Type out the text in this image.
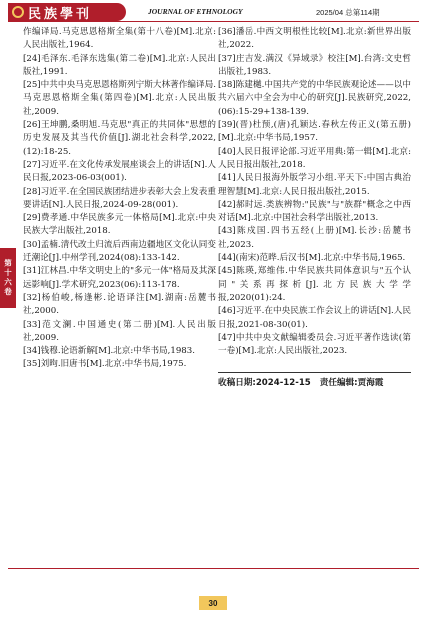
民族學刊	JOURNAL OF ETHNOLOGY	2025/04 总第114期
第十六卷

作编译局.马克思恩格斯全集(第十八卷)[M].北京:人民出版社,1964.

[24]毛泽东.毛泽东选集(第二卷)[M].北京:人民出版社,1991.

[25]中共中央马克思恩格斯列宁斯大林著作编译局.马克思恩格斯全集(第四卷)[M].北京:人民出版社,2009.

[26]王坤鹏,桑明旭.马克思"真正的共同体"思想的历史发展及其当代价值[J].湖北社会科学,2022,(12):18-25.

[27]习近平.在文化传承发展座谈会上的讲话[N].人民日报,2023-06-03(001).

[28]习近平.在全国民族团结进步表彰大会上发表重要讲话[N].人民日报,2024-09-28(001).

[29]费孝通.中华民族多元一体格局[M].北京:中央民族大学出版社,2018.

[30]孟楠.清代改土归流后西南边疆地区文化认同变迁潮论[J].中州学刊,2024(08):133-142.

[31]江林昌.中华文明史上的"多元一体"格局及其深远影响[J].学术研究,2023(06):113-178.

[32]杨伯峻,杨逢彬.论语译注[M].湖南:岳麓书社,2000.

[33]范文澜.中国通史(第二册)[M].人民出版社,2009.

[34]钱穆.论语新解[M].北京:中华书局,1983.

[35]刘昫.旧唐书[M].北京:中华书局,1975.

[36]潘岳.中西文明根性比较[M].北京:新世界出版社,2022.

[37]庄吉发.满汉《异域录》校注[M].台湾:文史哲出版社,1983.

[38]陈建樾.中国共产党的中华民族观论述——以中共六届六中全会为中心的研究[J].民族研究,2022,(06):15-29+138-139.

[39](晋)杜预,(唐)孔颖达.春秋左传正义(第五册)[M].北京:中华书局,1957.

[40]人民日报评论部.习近平用典:第一辑[M].北京:人民日报出版社,2018.

[41]人民日报海外版学习小组.平天下:中国古典治理智慧[M].北京:人民日报出版社,2015.

[42]郝时远.类族辨物:"民族"与"族群"概念之中西对话[M].北京:中国社会科学出版社,2013.

[43]陈戍国.四书五经(上册)[M].长沙:岳麓书社,2023.

[44](南宋)范晔.后汉书[M].北京:中华书局,1965.

[45]陈瑛,郑维伟.中华民族共同体意识与"五个认同"关系再探析[J].北方民族大学学报,2020(01):24.

[46]习近平.在中央民族工作会议上的讲话[N].人民日报,2021-08-30(01).

[47]中共中央文献编辑委员会.习近平著作选读(第一卷)[M].北京:人民出版社,2023.

收稿日期:2024-12-15 责任编辑:贾海霞
30
